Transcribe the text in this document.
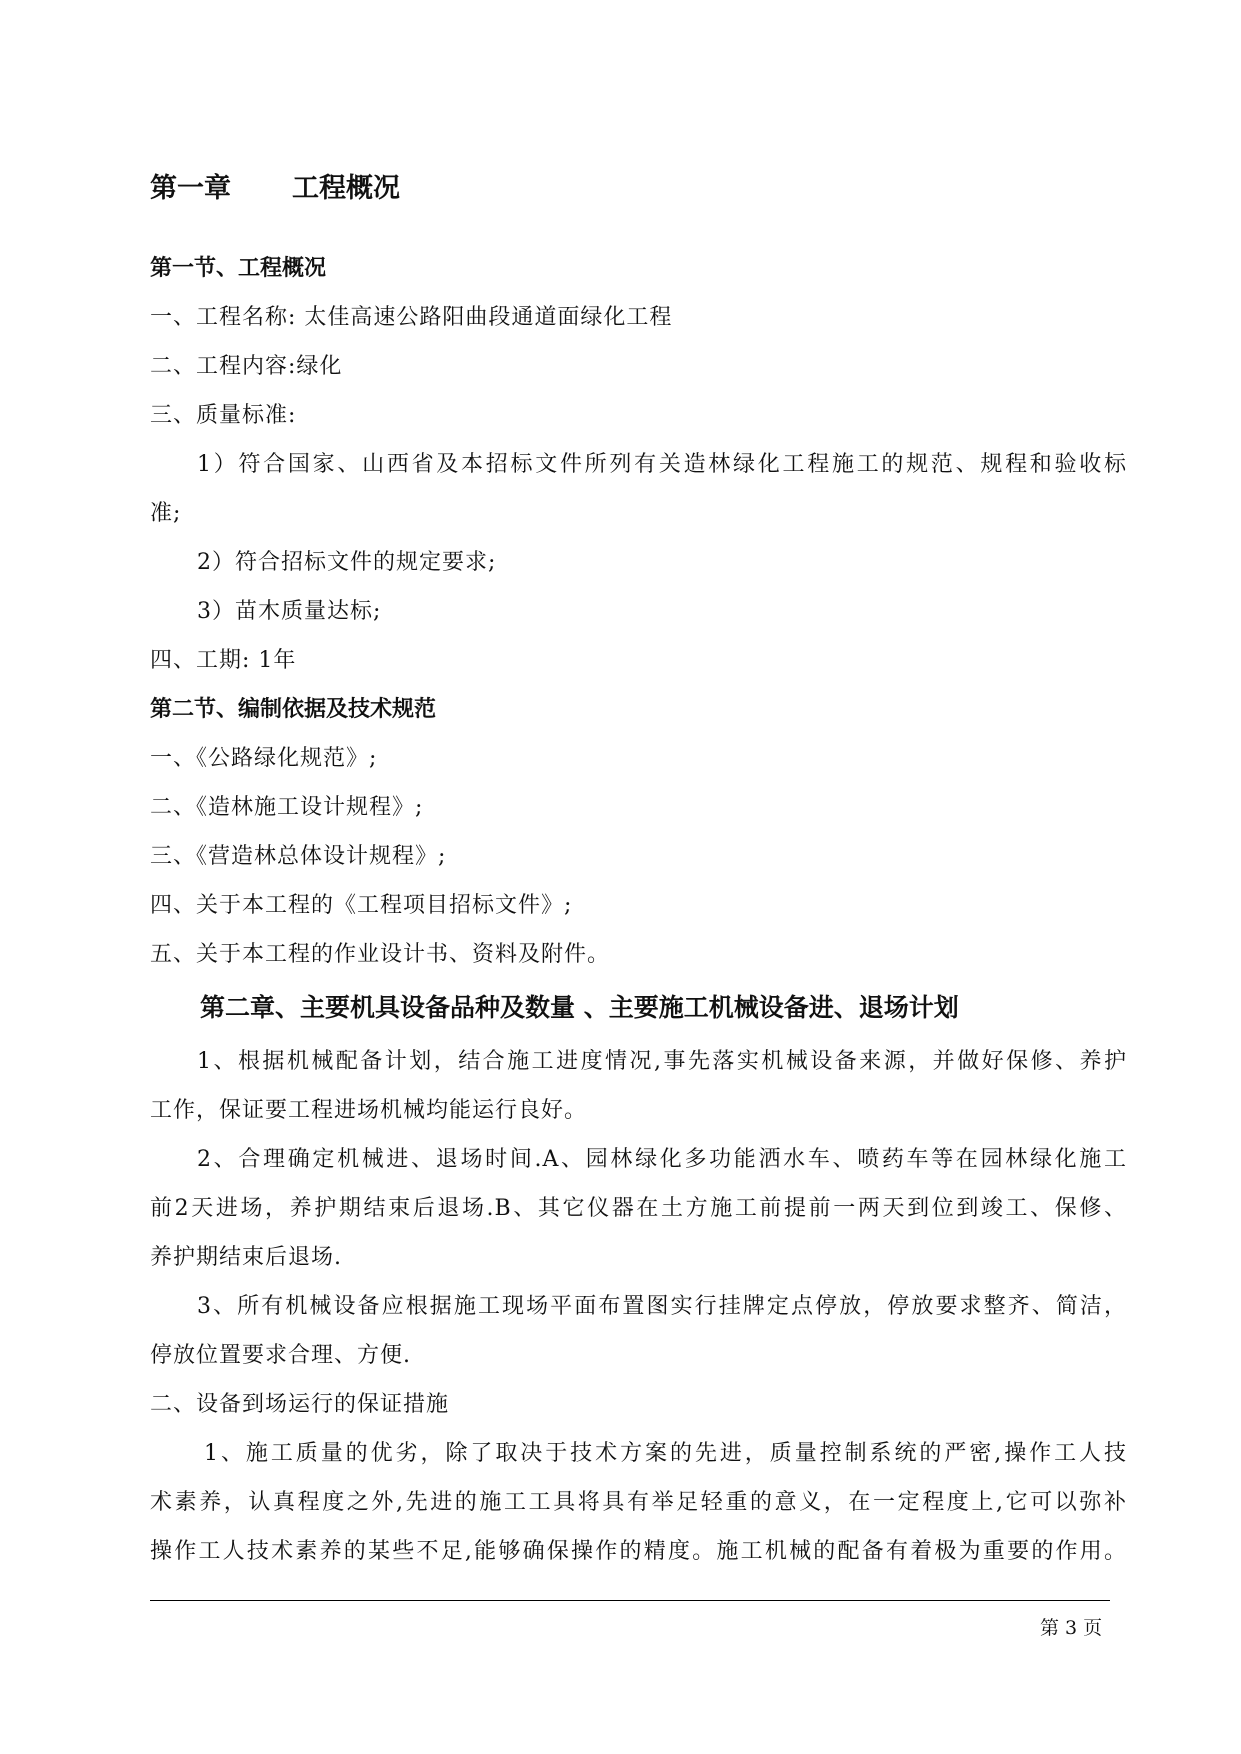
第一章 工程概况
第一节、工程概况
一、工程名称: 太佳高速公路阳曲段通道面绿化工程
二、工程内容:绿化
三、质量标准:
1）符合国家、山西省及本招标文件所列有关造林绿化工程施工的规范、规程和验收标
准;
2）符合招标文件的规定要求;
3）苗木质量达标;
四、工期: 1年
第二节、编制依据及技术规范
一、《公路绿化规范》;
二、《造林施工设计规程》;
三、《营造林总体设计规程》;
四、关于本工程的《工程项目招标文件》;
五、关于本工程的作业设计书、资料及附件。
第二章、主要机具设备品种及数量 、主要施工机械设备进、退场计划
1、根据机械配备计划，结合施工进度情况,事先落实机械设备来源，并做好保修、养护
工作，保证要工程进场机械均能运行良好。
2、合理确定机械进、退场时间.A、园林绿化多功能洒水车、喷药车等在园林绿化施工
前2天进场，养护期结束后退场.B、其它仪器在土方施工前提前一两天到位到竣工、保修、
养护期结束后退场.
3、所有机械设备应根据施工现场平面布置图实行挂牌定点停放，停放要求整齐、简洁，
停放位置要求合理、方便.
二、设备到场运行的保证措施
1、施工质量的优劣，除了取决于技术方案的先进，质量控制系统的严密,操作工人技
术素养，认真程度之外,先进的施工工具将具有举足轻重的意义，在一定程度上,它可以弥补
操作工人技术素养的某些不足,能够确保操作的精度。施工机械的配备有着极为重要的作用。
第 3 页
